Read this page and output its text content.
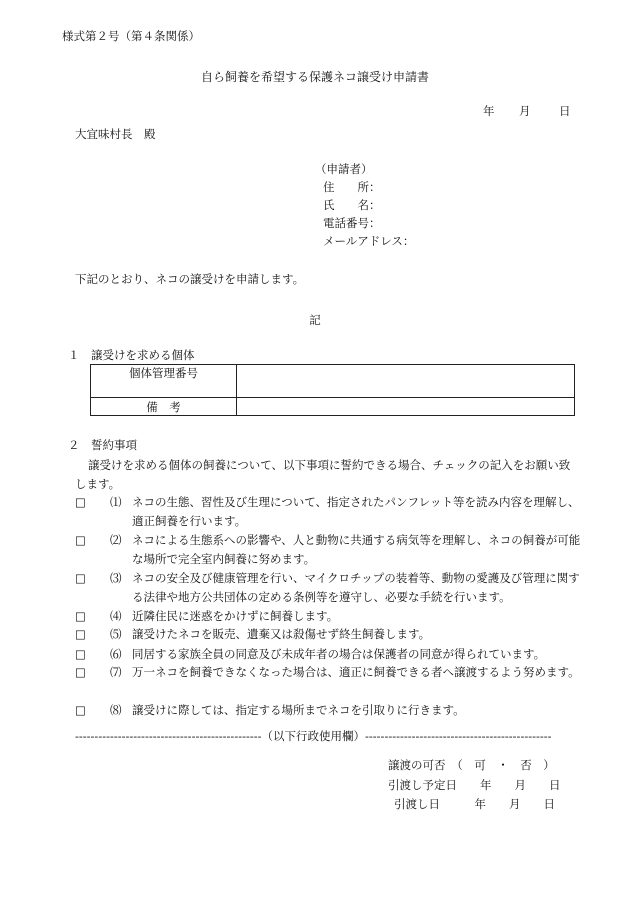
様式第２号（第４条関係）
自ら飼養を希望する保護ネコ譲受け申請書
年 月 日
大宜味村長　殿
（申請者）
住　　所：
氏　　名：
電話番号：
メールアドレス：
下記のとおり、ネコの譲受けを申請します。
記
１　譲受けを求める個体
個体管理番号	
備　考	
２　誓約事項
譲受けを求める個体の飼養について、以下事項に誓約できる場合、チェックの記入をお願い致します。
□ ⑴ ネコの生態、習性及び生理について、指定されたパンフレット等を読み内容を理解し、適正飼養を行います。
□ ⑵ ネコによる生態系への影響や、人と動物に共通する病気等を理解し、ネコの飼養が可能な場所で完全室内飼養に努めます。
□ ⑶ ネコの安全及び健康管理を行い、マイクロチップの装着等、動物の愛護及び管理に関する法律や地方公共団体の定める条例等を遵守し、必要な手続を行います。
□ ⑷ 近隣住民に迷惑をかけずに飼養します。
□ ⑸ 譲受けたネコを販売、遺棄又は殺傷せず終生飼養します。
□ ⑹ 同居する家族全員の同意及び未成年者の場合は保護者の同意が得られています。
□ ⑺ 万一ネコを飼養できなくなった場合は、適正に飼養できる者へ譲渡するよう努めます。
□ ⑻ 譲受けに際しては、指定する場所までネコを引取りに行きます。
------------------------------------------------（以下行政使用欄）------------------------------------------------
譲渡の可否　（　可　・　否　）
引渡し予定日　　年　　月　　日
引渡し日　　　年　　月　　日
